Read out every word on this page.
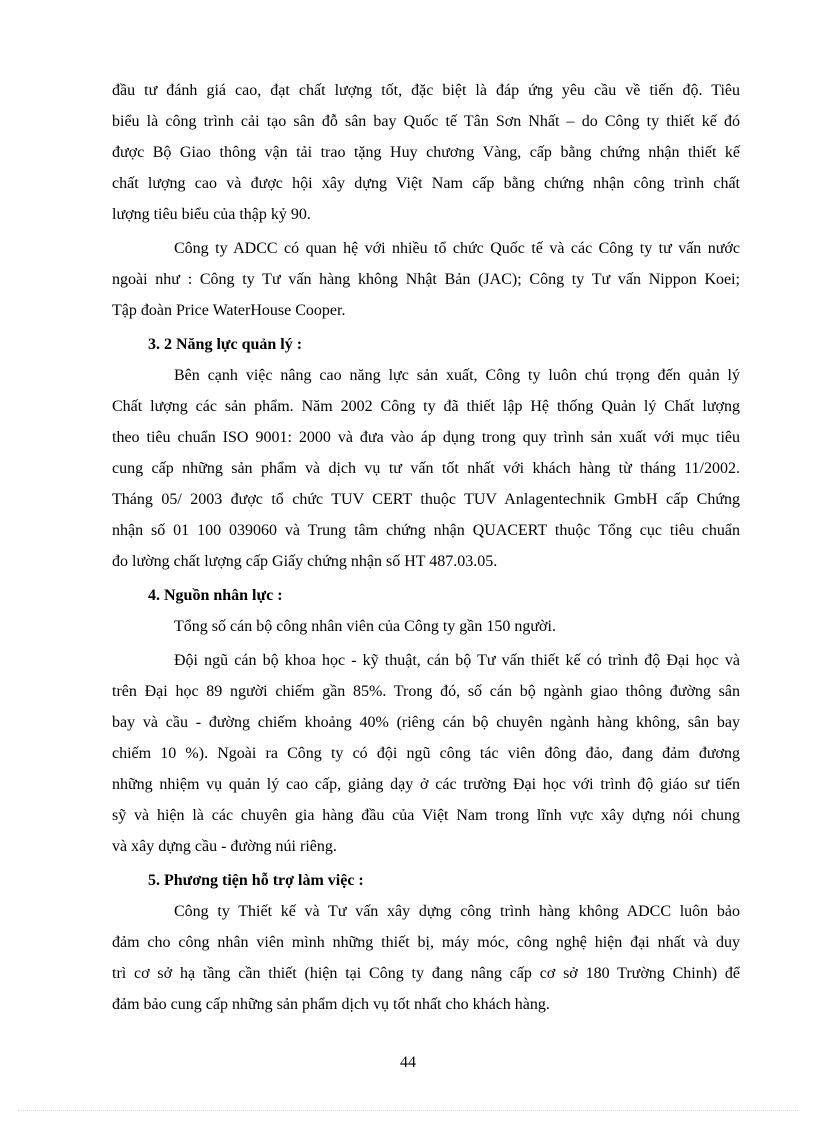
đầu tư đánh giá cao, đạt chất lượng tốt, đặc biệt là đáp ứng yêu cầu về tiến độ. Tiêu
biểu là công trình cải tạo sân đỗ sân bay Quốc tế Tân Sơn Nhất – do Công ty thiết kế đó
được Bộ Giao thông vận tải trao tặng Huy chương Vàng, cấp bằng chứng nhận thiết kế
chất lượng cao và được hội xây dựng Việt Nam cấp bằng chứng nhận công trình chất
lượng tiêu biểu của thập kỷ 90.
Công ty ADCC có quan hệ với nhiều tổ chức Quốc tế và các Công ty tư vấn nước
ngoài như : Công ty Tư vấn hàng không Nhật Bản (JAC); Công ty Tư vấn Nippon Koei;
Tập đoàn Price WaterHouse Cooper.
3. 2 Năng lực quản lý :
Bên cạnh việc nâng cao năng lực sản xuất, Công ty luôn chú trọng đến quản lý
Chất lượng các sản phẩm. Năm 2002 Công ty đã thiết lập Hệ thống Quản lý Chất lượng
theo tiêu chuẩn ISO 9001: 2000 và đưa vào áp dụng trong quy trình sản xuất với mục tiêu
cung cấp những sản phẩm và dịch vụ tư vấn tốt nhất với khách hàng từ tháng 11/2002.
Tháng 05/ 2003 được tổ chức TUV CERT thuộc TUV Anlagentechnik GmbH cấp Chứng
nhận số 01 100 039060 và Trung tâm chứng nhận QUACERT thuộc Tổng cục tiêu chuẩn
đo lường chất lượng cấp Giấy chứng nhận số HT 487.03.05.
4. Nguồn nhân lực :
Tổng số cán bộ công nhân viên của Công ty gần 150 người.
Đội ngũ cán bộ khoa học - kỹ thuật, cán bộ Tư vấn thiết kế có trình độ Đại học và
trên Đại học 89 người chiếm gần 85%. Trong đó, số cán bộ ngành giao thông đường sân
bay và cầu - đường chiếm khoảng 40% (riêng cán bộ chuyên ngành hàng không, sân bay
chiếm 10 %). Ngoài ra Công ty có đội ngũ công tác viên đông đảo, đang đảm đương
những nhiệm vụ quản lý cao cấp, giảng dạy ở các trường Đại học với trình độ giáo sư tiến
sỹ và hiện là các chuyên gia hàng đầu của Việt Nam trong lĩnh vực xây dựng nói chung
và xây dựng cầu - đường núi riêng.
5. Phương tiện hỗ trợ làm việc :
Công ty Thiết kế và Tư vấn xây dựng công trình hàng không ADCC luôn bảo
đảm cho công nhân viên mình những thiết bị, máy móc, công nghệ hiện đại nhất và duy
trì cơ sở hạ tầng cần thiết (hiện tại Công ty đang nâng cấp cơ sở 180 Trường Chinh) để
đảm bảo cung cấp những sản phẩm dịch vụ tốt nhất cho khách hàng.
44
